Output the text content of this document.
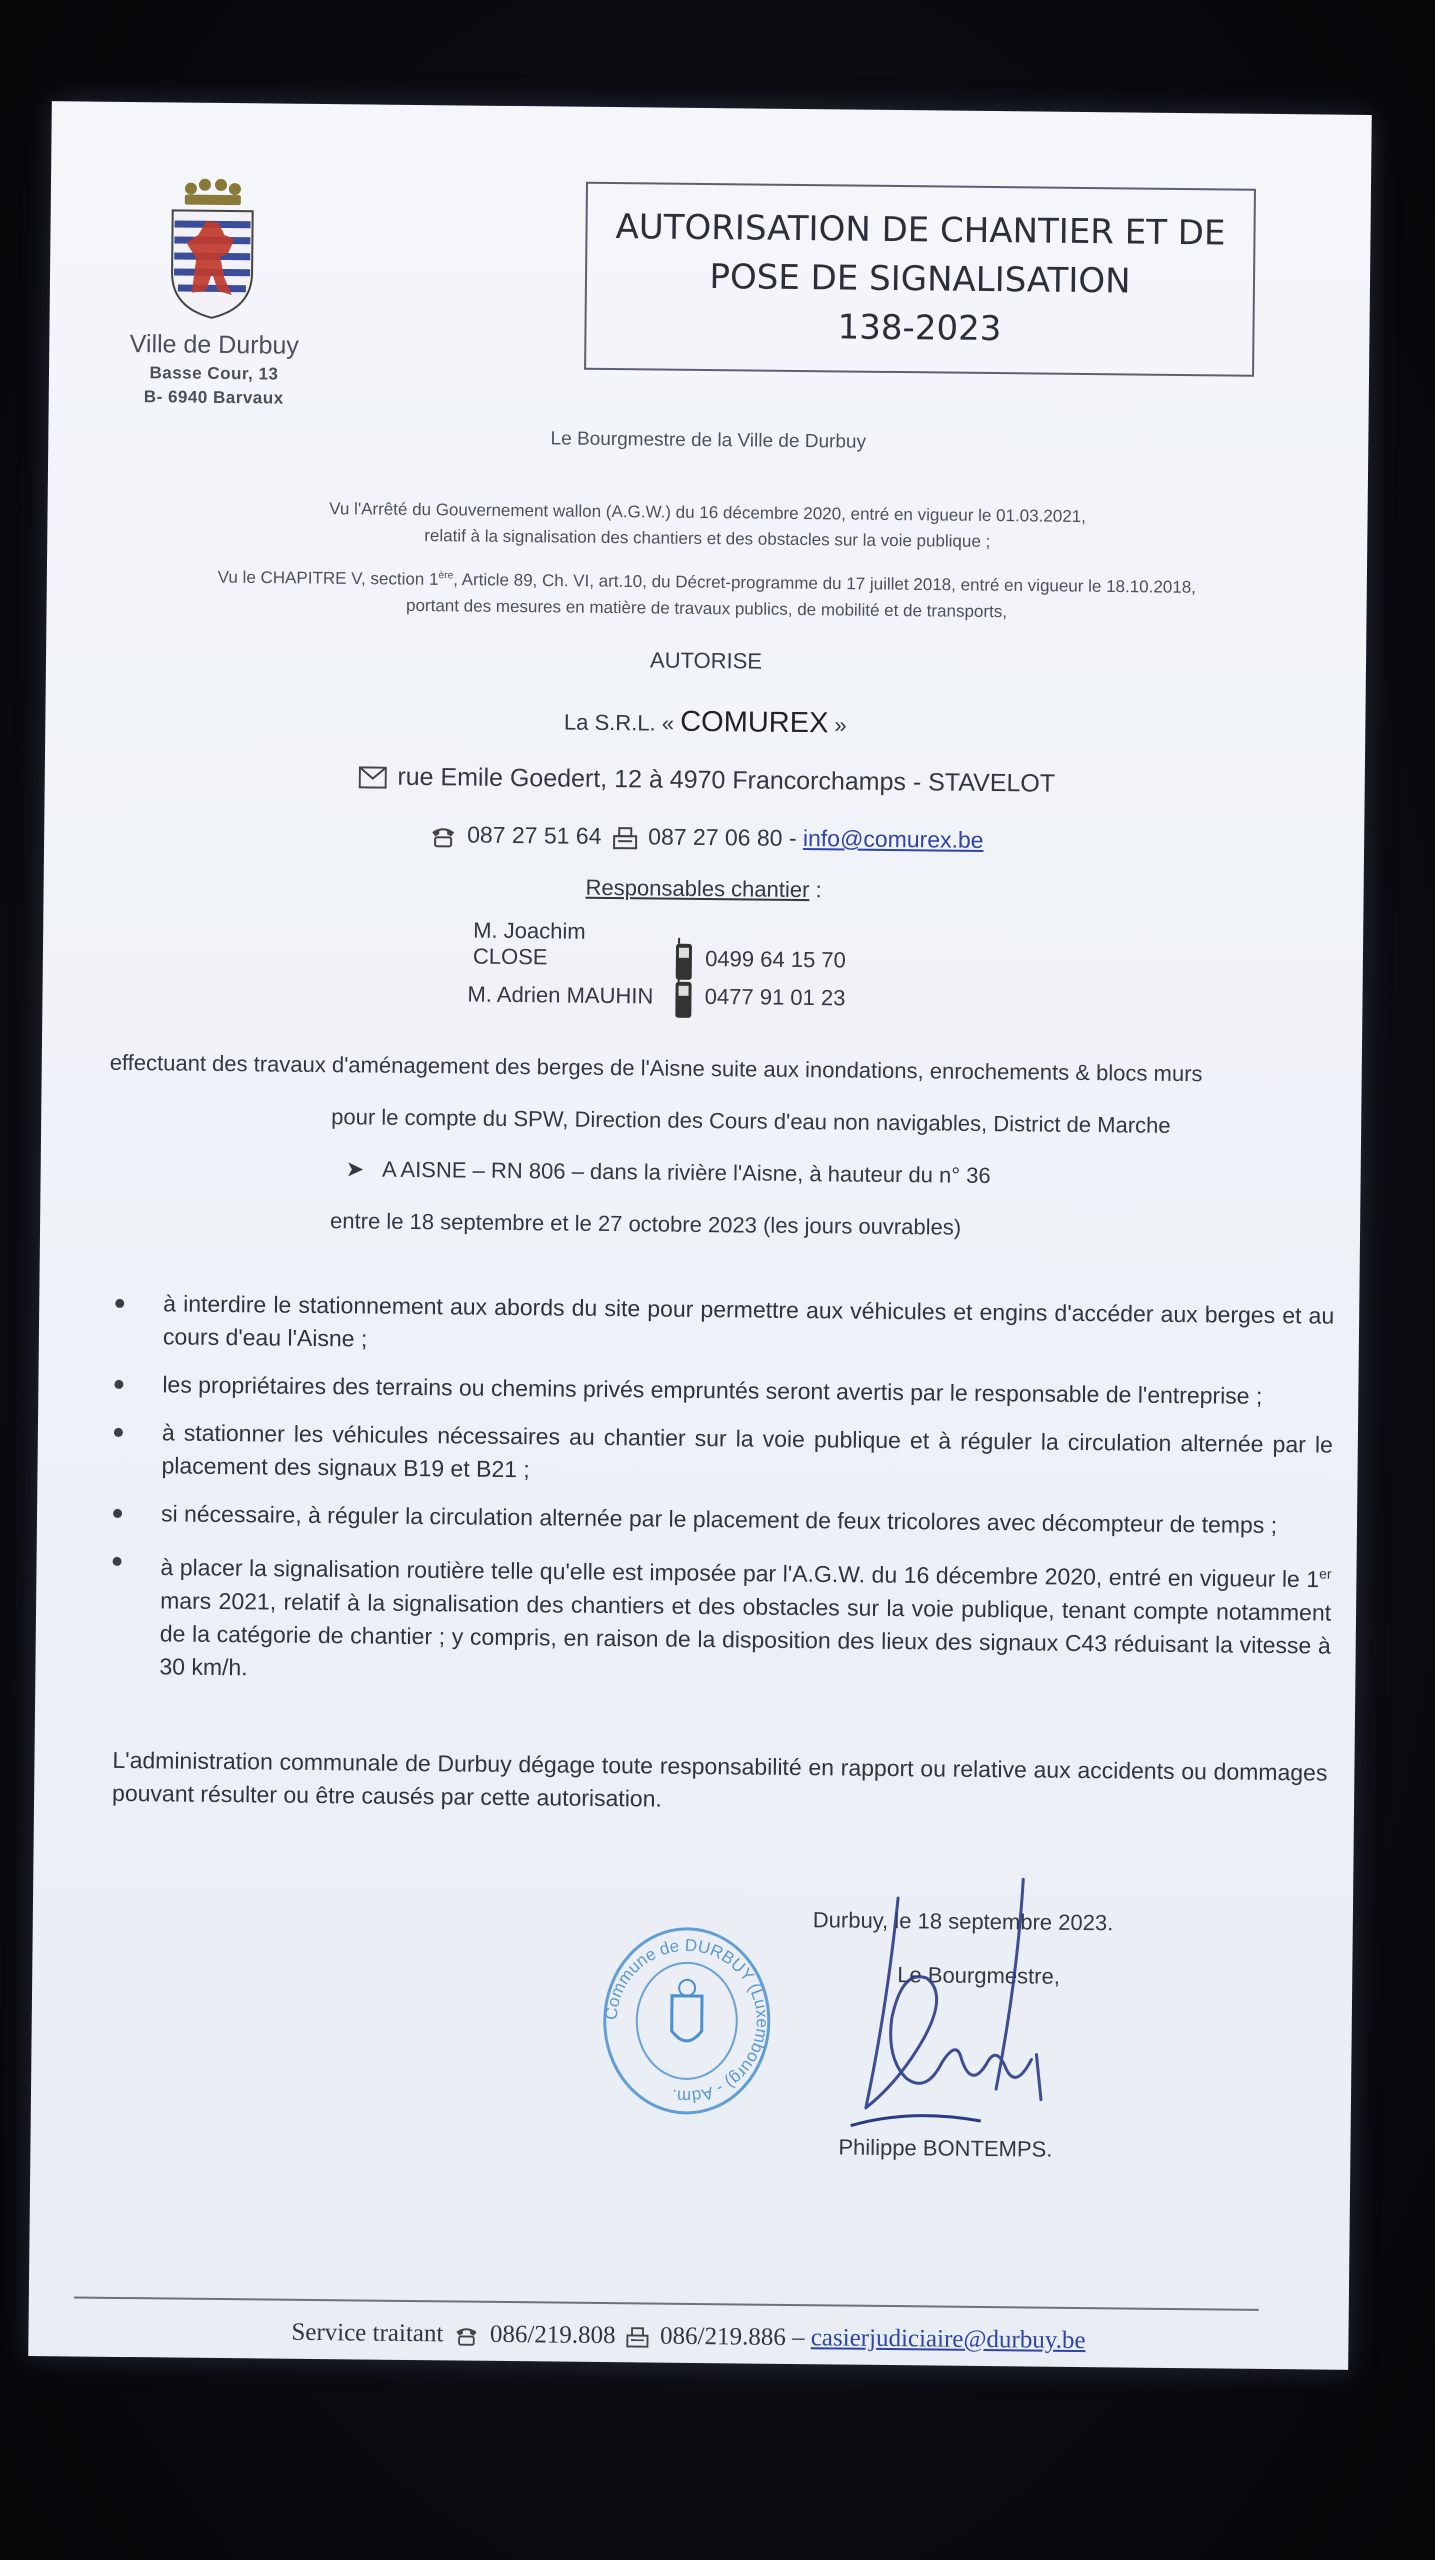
Ville de Durbuy
Basse Cour, 13
B- 6940 Barvaux
AUTORISATION DE CHANTIER ET DE
POSE DE SIGNALISATION
138-2023
Le Bourgmestre de la Ville de Durbuy
Vu l'Arrêté du Gouvernement wallon (A.G.W.) du 16 décembre 2020, entré en vigueur le 01.03.2021,
relatif à la signalisation des chantiers et des obstacles sur la voie publique ;
Vu le CHAPITRE V, section 1ère, Article 89, Ch. VI, art.10, du Décret-programme du 17 juillet 2018, entré en vigueur le 18.10.2018,
portant des mesures en matière de travaux publics, de mobilité et de transports,
AUTORISE
La S.R.L. « COMUREX »
rue Emile Goedert, 12 à 4970 Francorchamps - STAVELOT
087 27 51 64 087 27 06 80 - info@comurex.be
Responsables chantier :
M. Joachim CLOSE	0499 64 15 70
M. Adrien MAUHIN 0477 91 01 23
effectuant des travaux d'aménagement des berges de l'Aisne suite aux inondations, enrochements & blocs murs
pour le compte du SPW, Direction des Cours d'eau non navigables, District de Marche
➤ A AISNE – RN 806 – dans la rivière l'Aisne, à hauteur du n° 36
entre le 18 septembre et le 27 octobre 2023 (les jours ouvrables)
à interdire le stationnement aux abords du site pour permettre aux véhicules et engins d'accéder aux berges et au cours d'eau l'Aisne ;
les propriétaires des terrains ou chemins privés empruntés seront avertis par le responsable de l'entreprise ;
à stationner les véhicules nécessaires au chantier sur la voie publique et à réguler la circulation alternée par le placement des signaux B19 et B21 ;
si nécessaire, à réguler la circulation alternée par le placement de feux tricolores avec décompteur de temps ;
à placer la signalisation routière telle qu'elle est imposée par l'A.G.W. du 16 décembre 2020, entré en vigueur le 1er mars 2021, relatif à la signalisation des chantiers et des obstacles sur la voie publique, tenant compte notamment de la catégorie de chantier ; y compris, en raison de la disposition des lieux des signaux C43 réduisant la vitesse à 30 km/h.
L'administration communale de Durbuy dégage toute responsabilité en rapport ou relative aux accidents ou dommages pouvant résulter ou être causés par cette autorisation.
Durbuy, le 18 septembre 2023.
Le Bourgmestre,
Commune de DURBUY (Luxembourg) - Adm.
Philippe BONTEMPS.
Service traitant 086/219.808 086/219.886 – casierjudiciaire@durbuy.be
